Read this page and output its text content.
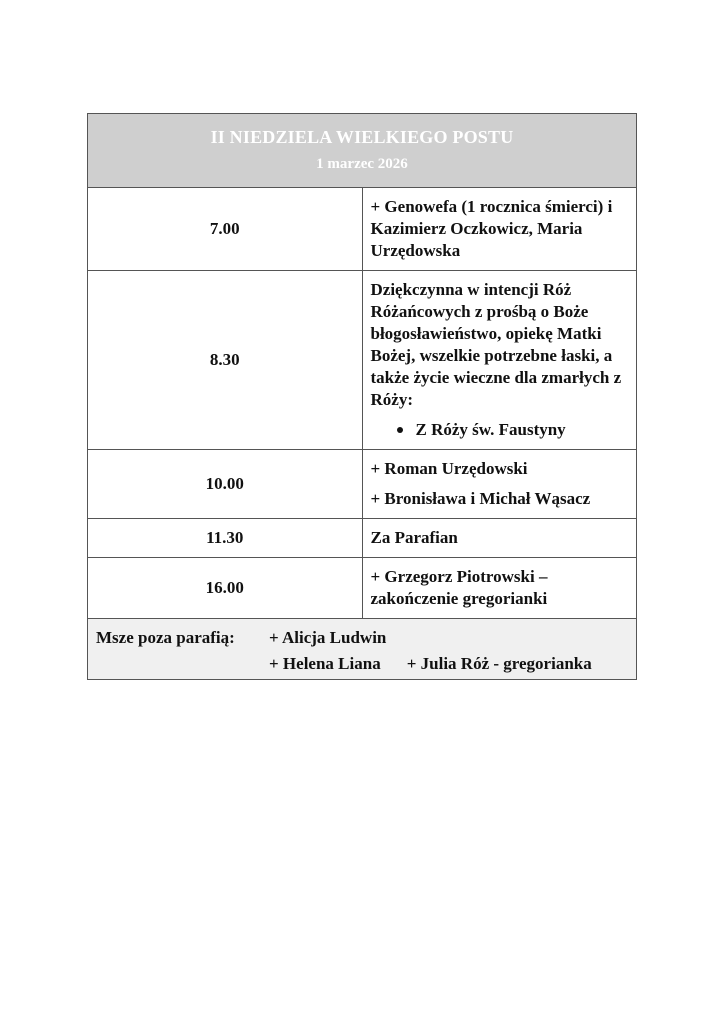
II NIEDZIELA WIELKIEGO POSTU
1 marzec 2026	

7.00	+ Genowefa (1 rocznica śmierci) i Kazimierz Oczkowicz, Maria Urzędowska

8.30	Dziękczynna w intencji Róż Różańcowych z prośbą o Boże błogosławieństwo, opiekę Matki Bożej, wszelkie potrzebne łaski, a także życie wieczne dla zmarłych z Róży:
Z Róży św. Faustyny

10.00	+ Roman Urzędowski
+ Bronisława i Michał Wąsacz

11.30	Za Parafian

16.00	+ Grzegorz Piotrowski – zakończenie gregorianki

Msze poza parafią: + Alicja Ludwin
+ Helena Liana + Julia Róż - gregorianka	
